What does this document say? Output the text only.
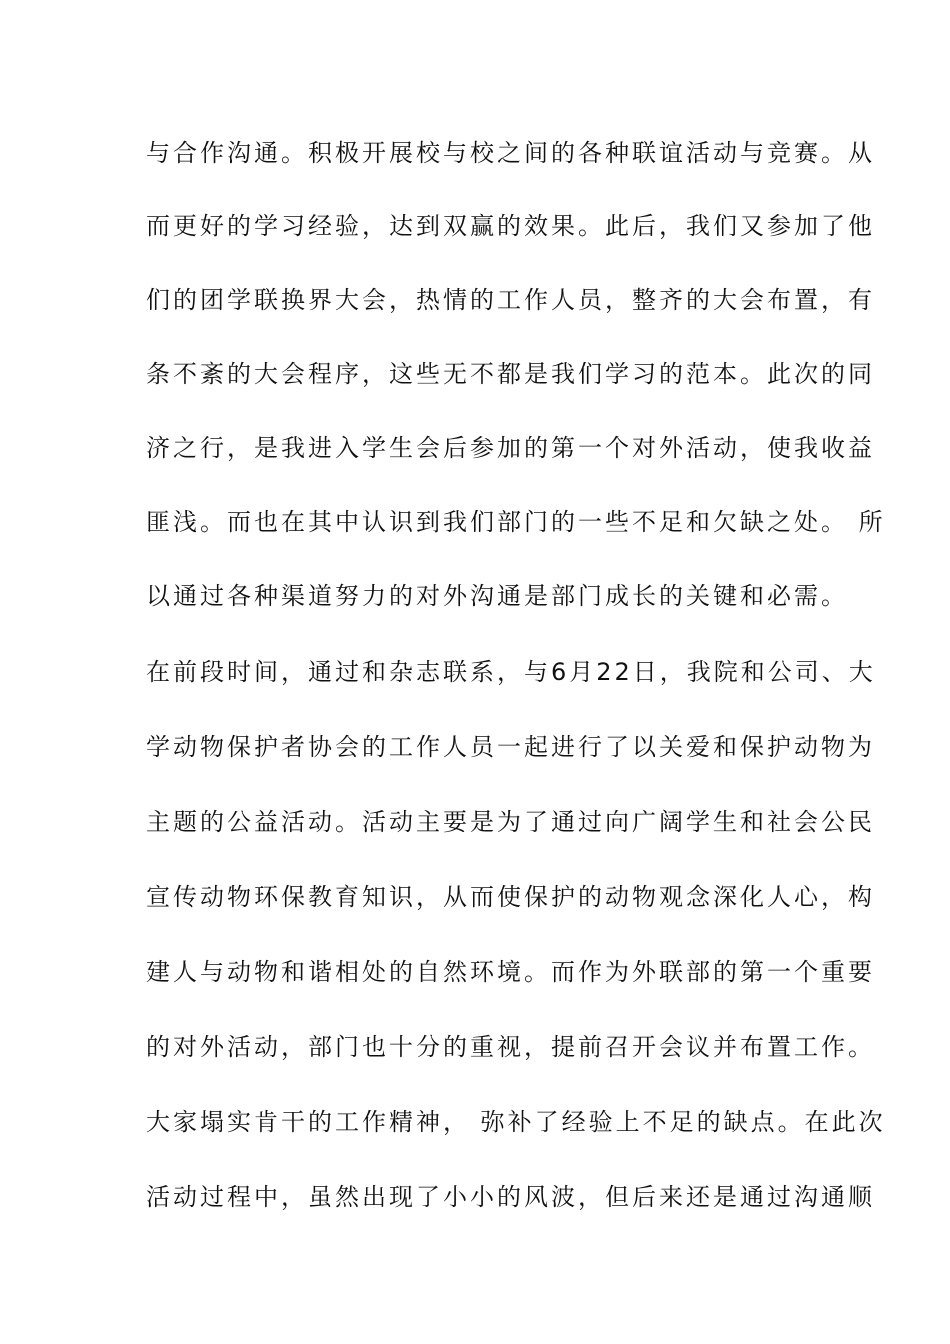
与合作沟通。积极开展校与校之间的各种联谊活动与竞赛。从
而更好的学习经验，达到双赢的效果。此后，我们又参加了他
们的团学联换界大会，热情的工作人员，整齐的大会布置，有
条不紊的大会程序，这些无不都是我们学习的范本。此次的同
济之行，是我进入学生会后参加的第一个对外活动，使我收益
匪浅。而也在其中认识到我们部门的一些不足和欠缺之处。 所
以通过各种渠道努力的对外沟通是部门成长的关键和必需。
在前段时间，通过和杂志联系，与6月22日，我院和公司、大
学动物保护者协会的工作人员一起进行了以关爱和保护动物为
主题的公益活动。活动主要是为了通过向广阔学生和社会公民
宣传动物环保教育知识，从而使保护的动物观念深化人心，构
建人与动物和谐相处的自然环境。而作为外联部的第一个重要
的对外活动，部门也十分的重视，提前召开会议并布置工作。
大家塌实肯干的工作精神， 弥补了经验上不足的缺点。在此次
活动过程中，虽然出现了小小的风波，但后来还是通过沟通顺
